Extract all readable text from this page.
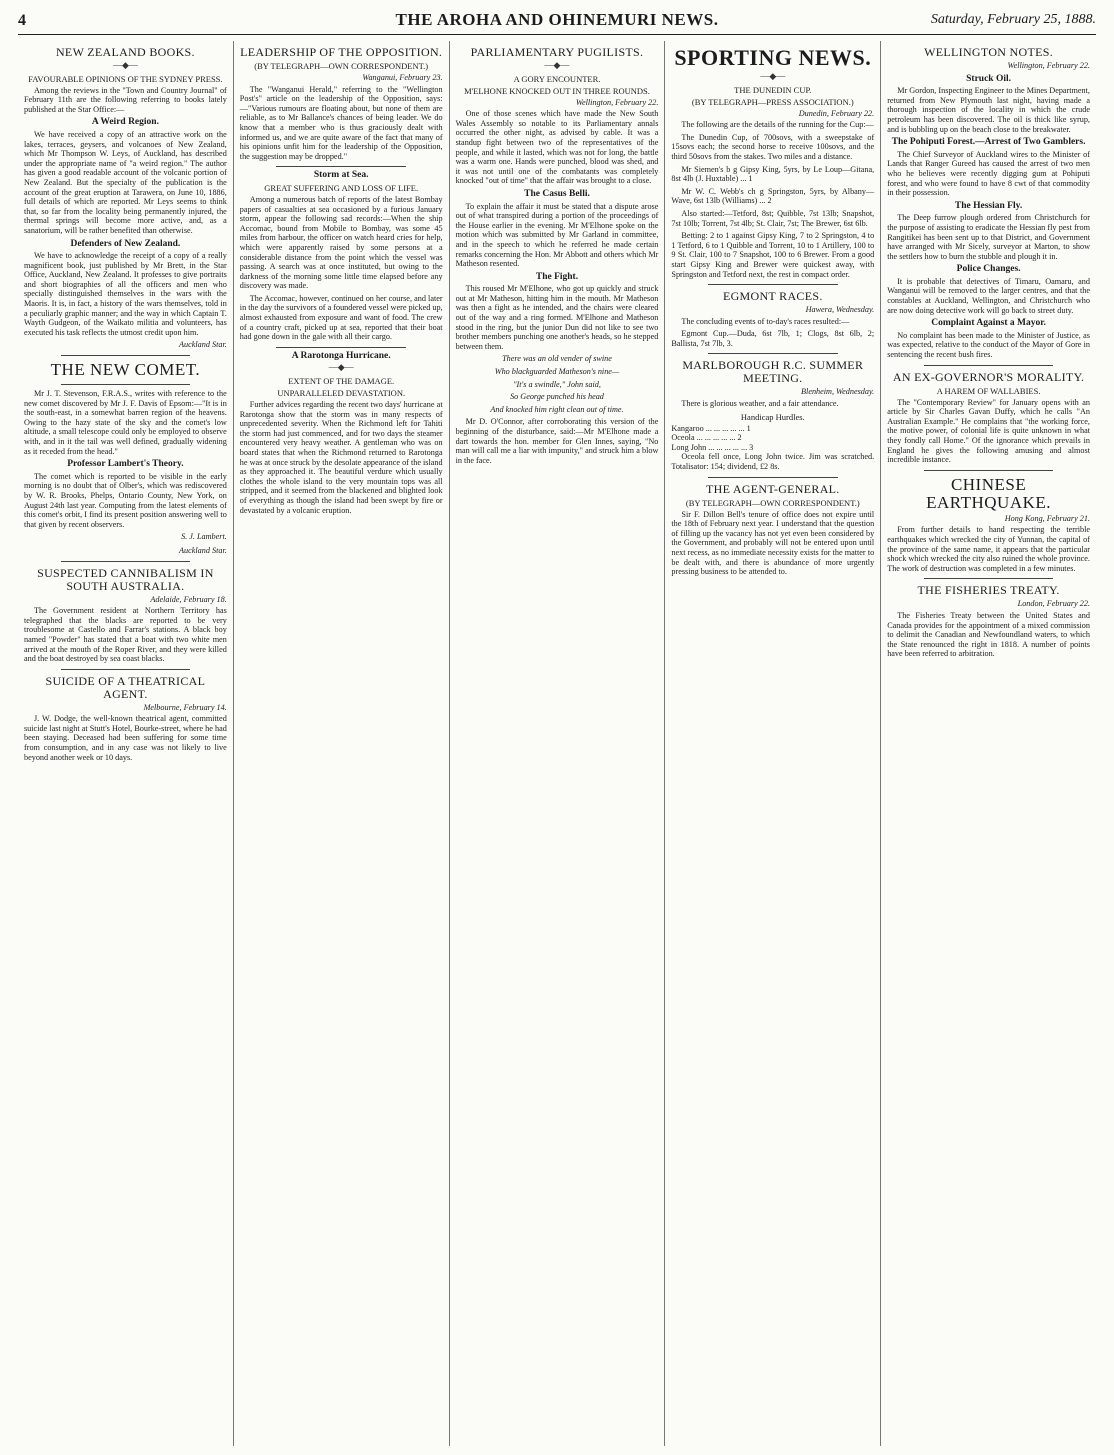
4	THE AROHA AND OHINEMURI NEWS.	Saturday, February 25, 1888.
NEW ZEALAND BOOKS.
—◆—
FAVOURABLE OPINIONS OF THE SYDNEY PRESS.

Among the reviews in the "Town and Country Journal" of February 11th are the following referring to books lately published at the Star Office:—

A Weird Region.

We have received a copy of an attractive work on the lakes, terraces, geysers, and volcanoes of New Zealand, which Mr Thompson W. Leys, of Auckland, has described under the appropriate name of "a weird region." The author has given a good readable account of the volcanic portion of New Zealand. But the specialty of the publication is the account of the great eruption at Tarawera, on June 10, 1886, full details of which are reported. Mr Leys seems to think that, so far from the locality being permanently injured, the thermal springs will become more active, and, as a sanatorium, will be rather benefited than otherwise.

Defenders of New Zealand.

We have to acknowledge the receipt of a copy of a really magnificent book, just published by Mr Brett, in the Star Office, Auckland, New Zealand. It professes to give portraits and short biographies of all the officers and men who specially distinguished themselves in the wars with the Maoris. It is, in fact, a history of the wars themselves, told in a peculiarly graphic manner; and the way in which Captain T. Wayth Gudgeon, of the Waikato militia and volunteers, has executed his task reflects the utmost credit upon him.

Auckland Star.
THE NEW COMET.

Mr J. T. Stevenson, F.R.A.S., writes with reference to the new comet discovered by Mr J. F. Davis of Epsom:—"It is in the south-east, in a somewhat barren region of the heavens. Owing to the hazy state of the sky and the comet's low altitude, a small telescope could only be employed to observe with, and in it the tail was well defined, gradually widening as it receded from the head."

Professor Lambert's Theory.

The comet which is reported to be visible in the early morning is no doubt that of Olber's, which was rediscovered by W. R. Brooks, Phelps, Ontario County, New York, on August 24th last year. Computing from the latest elements of this comet's orbit, I find its present position answering well to that given by recent observers.

S. J. Lambert.
Auckland Star.
SUSPECTED CANNIBALISM IN SOUTH AUSTRALIA.
Adelaide, February 18.

The Government resident at Northern Territory has telegraphed that the blacks are reported to be very troublesome at Castello and Farrar's stations. A black boy named "Powder" has stated that a boat with two white men arrived at the mouth of the Roper River, and they were killed and the boat destroyed by sea coast blacks.

SUICIDE OF A THEATRICAL AGENT.
Melbourne, February 14.

J. W. Dodge, the well-known theatrical agent, committed suicide last night at Stutt's Hotel, Bourke-street, where he had been staying. Deceased had been suffering for some time from consumption, and in any case was not likely to live beyond another week or 10 days.

LEADERSHIP OF THE OPPOSITION.
(BY TELEGRAPH—OWN CORRESPONDENT.)
Wanganui, February 23.

The "Wanganui Herald," referring to the "Wellington Post's" article on the leadership of the Opposition, says:—"Various rumours are floating about, but none of them are reliable, as to Mr Ballance's chances of being leader. We do know that a member who is thus graciously dealt with informed us, and we are quite aware of the fact that many of his opinions unfit him for the leadership of the Opposition, the suggestion may be dropped."

Storm at Sea.
GREAT SUFFERING AND LOSS OF LIFE.

Among a numerous batch of reports of the latest Bombay papers of casualties at sea occasioned by a furious January storm, appear the following sad records:—When the ship Accomac, bound from Mobile to Bombay, was some 45 miles from harbour, the officer on watch heard cries for help, which were apparently raised by some persons at a considerable distance from the point which the vessel was passing. A search was at once instituted, but owing to the darkness of the morning some little time elapsed before any discovery was made.

The Accomac, however, continued on her course, and later in the day the survivors of a foundered vessel were picked up, almost exhausted from exposure and want of food. The crew of a country craft, picked up at sea, reported that their boat had gone down in the gale with all their cargo.

A Rarotonga Hurricane.
—◆—
EXTENT OF THE DAMAGE.
UNPARALLELED DEVASTATION.

Further advices regarding the recent two days' hurricane at Rarotonga show that the storm was in many respects of unprecedented severity. When the Richmond left for Tahiti the storm had just commenced, and for two days the steamer encountered very heavy weather. A gentleman who was on board states that when the Richmond returned to Rarotonga he was at once struck by the desolate appearance of the island as they approached it. The beautiful verdure which usually clothes the whole island to the very mountain tops was all stripped, and it seemed from the blackened and blighted look of everything as though the island had been swept by fire or devastated by a volcanic eruption.

PARLIAMENTARY PUGILISTS.
—◆—
A GORY ENCOUNTER.
M'ELHONE KNOCKED OUT IN THREE ROUNDS.
Wellington, February 22.

One of those scenes which have made the New South Wales Assembly so notable to its Parliamentary annals occurred the other night, as advised by cable. It was a standup fight between two of the representatives of the people, and while it lasted, which was not for long, the battle was a warm one. Hands were punched, blood was shed, and it was not until one of the combatants was completely knocked "out of time" that the affair was brought to a close.

The Casus Belli.

To explain the affair it must be stated that a dispute arose out of what transpired during a portion of the proceedings of the House earlier in the evening. Mr M'Elhone spoke on the motion which was submitted by Mr Garland in committee, and in the speech to which he referred he made certain remarks concerning the Hon. Mr Abbott and others which Mr Matheson resented.

The Fight.

This roused Mr M'Elhone, who got up quickly and struck out at Mr Matheson, hitting him in the mouth. Mr Matheson was then a fight as he intended, and the chairs were cleared out of the way and a ring formed. M'Elhone and Matheson stood in the ring, but the junior Dun did not like to see two brother members punching one another's heads, so he stepped between them.

There was an old vender of swine
Who blackguarded Matheson's nine—
"It's a swindle," John said,
So George punched his head
And knocked him right clean out of time.

Mr D. O'Connor, after corroborating this version of the beginning of the disturbance, said:—Mr M'Elhone made a dart towards the hon. member for Glen Innes, saying, "No man will call me a liar with impunity," and struck him a blow in the face.

SPORTING NEWS.
—◆—
THE DUNEDIN CUP.
(BY TELEGRAPH—PRESS ASSOCIATION.)
Dunedin, February 22.

The following are the details of the running for the Cup:—

The Dunedin Cup, of 700sovs, with a sweepstake of 15sovs each; the second horse to receive 100sovs, and the third 50sovs from the stakes. Two miles and a distance.

Mr Siemen's b g Gipsy King, 5yrs, by Le Loup—Gitana, 8st 4lb (J. Huxtable) ... 1

Mr W. C. Webb's ch g Springston, 5yrs, by Albany—Wave, 6st 13lb (Williams) ... 2

Also started:—Tetford, 8st; Quibble, 7st 13lb; Snapshot, 7st 10lb; Torrent, 7st 4lb; St. Clair, 7st; The Brewer, 6st 6lb.

Betting: 2 to 1 against Gipsy King, 7 to 2 Springston, 4 to 1 Tetford, 6 to 1 Quibble and Torrent, 10 to 1 Artillery, 100 to 9 St. Clair, 100 to 7 Snapshot, 100 to 6 Brewer. From a good start Gipsy King and Brewer were quickest away, with Springston and Tetford next, the rest in compact order.

EGMONT RACES.
Hawera, Wednesday.

The concluding events of to-day's races resulted:—

Egmont Cup.—Duda, 6st 7lb, 1; Clogs, 8st 6lb, 2; Ballista, 7st 7lb, 3.

MARLBOROUGH R.C. SUMMER MEETING.
Blenheim, Wednesday.

There is glorious weather, and a fair attendance.

Handicap Hurdles.
Kangaroo ... ... ... ... ... 1
Oceola ... ... ... ... ... 2
Long John ... ... ... ... ... 3

Oceola fell once, Long John twice. Jim was scratched. Totalisator: 154; dividend, £2 8s.

THE AGENT-GENERAL.
(BY TELEGRAPH—OWN CORRESPONDENT.)

Sir F. Dillon Bell's tenure of office does not expire until the 18th of February next year. I understand that the question of filling up the vacancy has not yet even been considered by the Government, and probably will not be entered upon until next recess, as no immediate necessity exists for the matter to be dealt with, and there is abundance of more urgently pressing business to be attended to.

WELLINGTON NOTES.
Wellington, February 22.
Struck Oil.

Mr Gordon, Inspecting Engineer to the Mines Department, returned from New Plymouth last night, having made a thorough inspection of the locality in which the crude petroleum has been discovered. The oil is thick like syrup, and is bubbling up on the beach close to the breakwater.

The Pohiputi Forest.—Arrest of Two Gamblers.

The Chief Surveyor of Auckland wires to the Minister of Lands that Ranger Gureed has caused the arrest of two men who he believes were recently digging gum at Pohiputi forest, and who were found to have 8 cwt of that commodity in their possession.

The Hessian Fly.

The Deep furrow plough ordered from Christchurch for the purpose of assisting to eradicate the Hessian fly pest from Rangitikei has been sent up to that District, and Government have arranged with Mr Sicely, surveyor at Marton, to show the settlers how to burn the stubble and plough it in.

Police Changes.

It is probable that detectives of Timaru, Oamaru, and Wanganui will be removed to the larger centres, and that the constables at Auckland, Wellington, and Christchurch who are now doing detective work will go back to street duty.

Complaint Against a Mayor.

No complaint has been made to the Minister of Justice, as was expected, relative to the conduct of the Mayor of Gore in sentencing the recent bush fires.

AN EX-GOVERNOR'S MORALITY.
A HAREM OF WALLABIES.

The "Contemporary Review" for January opens with an article by Sir Charles Gavan Duffy, which he calls "An Australian Example." He complains that "the working force, the motive power, of colonial life is quite unknown in what they fondly call Home." Of the ignorance which prevails in England he gives the following amusing and almost incredible instance.

CHINESE EARTHQUAKE.
Hong Kong, February 21.

From further details to hand respecting the terrible earthquakes which wrecked the city of Yunnan, the capital of the province of the same name, it appears that the particular shock which wrecked the city also ruined the whole province. The work of destruction was completed in a few minutes.

THE FISHERIES TREATY.
London, February 22.

The Fisheries Treaty between the United States and Canada provides for the appointment of a mixed commission to delimit the Canadian and Newfoundland waters, to which the State renounced the right in 1818. A number of points have been referred to arbitration.
